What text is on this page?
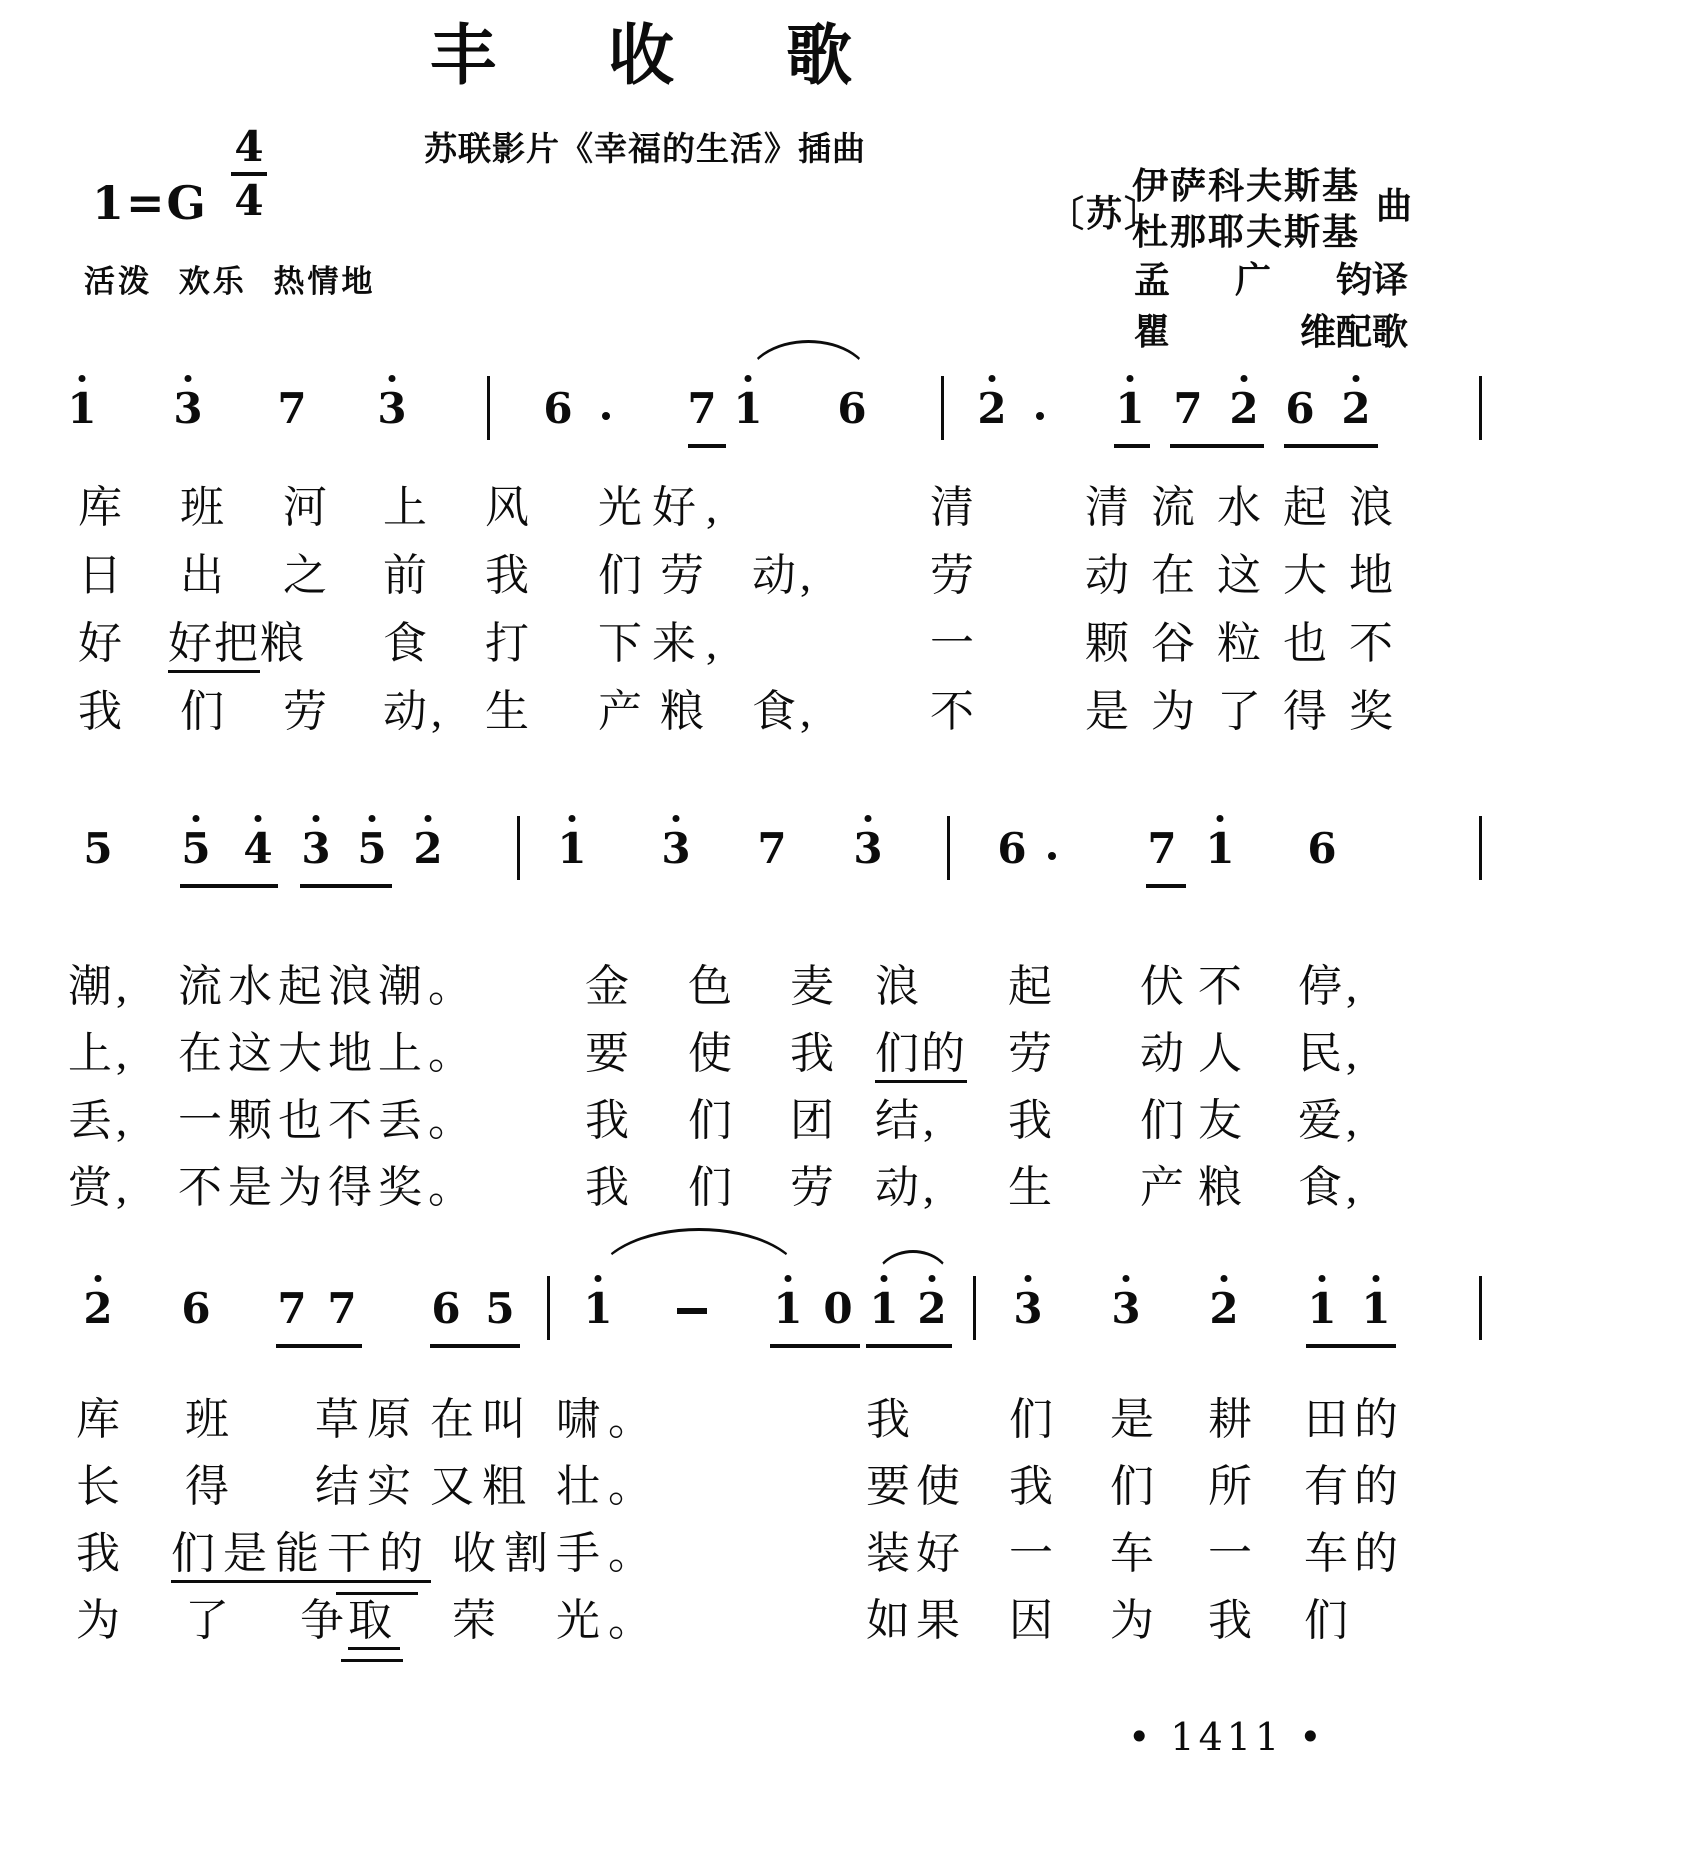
丰 收 歌
苏联影片《幸福的生活》插曲
1=G
4
4
活泼 欢乐 热情地
〔苏〕
伊萨科夫斯基
杜那耶夫斯基
曲
孟 广 钧译
瞿	维配歌
• 1411 •
1 3 7 3	6	7 1 6	2	1 7 2 6 2
库 班 河 上 风 光好,	清 清流水起浪
日 出 之 前 我 们劳 动,	劳 动在这大地
好 好把 粮 食 打 下来,	一 颗谷粒也不
我 们 劳 动, 生 产粮 食,	不 是为了得奖
5 5 4 3 5 2	1 3 7 3	6	7 1 6
潮, 流水起浪潮。 金 色 麦 浪 起 伏不 停,
上, 在这大地上。 要 使 我 们的 劳 动人 民,
丢, 一颗也不丢。 我 们 团 结, 我 们友 爱,
赏, 不是为得奖。 我 们 劳 动, 生 产粮 食,
2 6 7 7 6 5 1	1 0 1 2 3 3 2 1 1
库 班 草原 在叫 啸。	我 们 是 耕 田的
长 得 结实 又粗 壮。	要使 我 们 所 有的
我 们是能干的 收割 手。	装好 一 车 一 车的
为 了 争
取 荣 光。	如果 因 为 我 们
